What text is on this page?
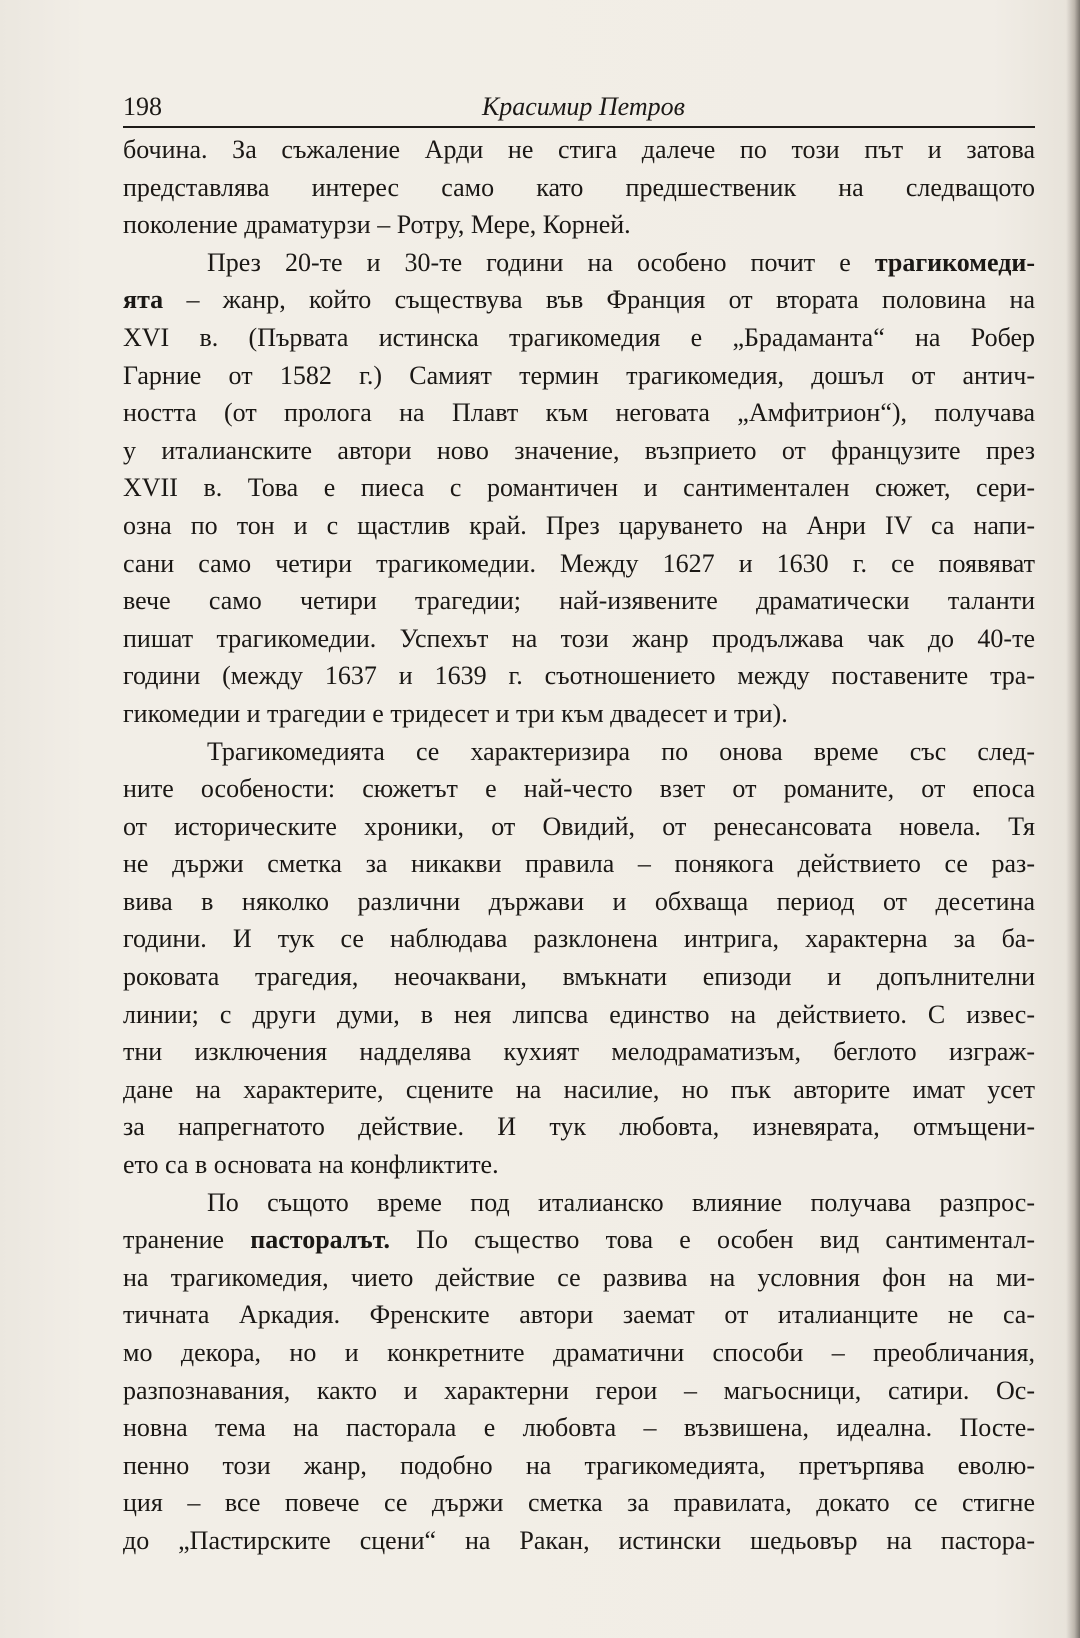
198	Красимир Петров
бочина. За съжаление Арди не стига далече по този път и затова
представлява интерес само като предшественик на следващото
поколение драматурзи – Ротру, Мере, Корней.
През 20-те и 30-те години на особено почит е трагикомеди-
ята – жанр, който съществува във Франция от втората половина на
XVI в. (Първата истинска трагикомедия е „Брадаманта“ на Робер
Гарние от 1582 г.) Самият термин трагикомедия, дошъл от антич-
ността (от пролога на Плавт към неговата „Амфитрион“), получава
у италианските автори ново значение, възприето от французите през
XVII в. Това е пиеса с романтичен и сантиментален сюжет, сери-
озна по тон и с щастлив край. През царуването на Анри IV са напи-
сани само четири трагикомедии. Между 1627 и 1630 г. се появяват
вече само четири трагедии; най-изявените драматически таланти
пишат трагикомедии. Успехът на този жанр продължава чак до 40-те
години (между 1637 и 1639 г. съотношението между поставените тра-
гикомедии и трагедии е тридесет и три към двадесет и три).
Трагикомедията се характеризира по онова време със след-
ните особености: сюжетът е най-често взет от романите, от епоса
от историческите хроники, от Овидий, от ренесансовата новела. Тя
не държи сметка за никакви правила – понякога действието се раз-
вива в няколко различни държави и обхваща период от десетина
години. И тук се наблюдава разклонена интрига, характерна за ба-
роковата трагедия, неочаквани, вмъкнати епизоди и допълнителни
линии; с други думи, в нея липсва единство на действието. С извес-
тни изключения надделява кухият мелодраматизъм, беглото изграж-
дане на характерите, сцените на насилие, но пък авторите имат усет
за напрегнатото действие. И тук любовта, изневярата, отмъщени-
ето са в основата на конфликтите.
По същото време под италианско влияние получава разпрос-
транение пасторалът. По същество това е особен вид сантиментал-
на трагикомедия, чието действие се развива на условния фон на ми-
тичната Аркадия. Френските автори заемат от италианците не са-
мо декора, но и конкретните драматични способи – преобличания,
разпознавания, както и характерни герои – магьосници, сатири. Ос-
новна тема на пасторала е любовта – възвишена, идеална. Посте-
пенно този жанр, подобно на трагикомедията, претърпява еволю-
ция – все повече се държи сметка за правилата, докато се стигне
до „Пастирските сцени“ на Ракан, истински шедьовър на пастора-
